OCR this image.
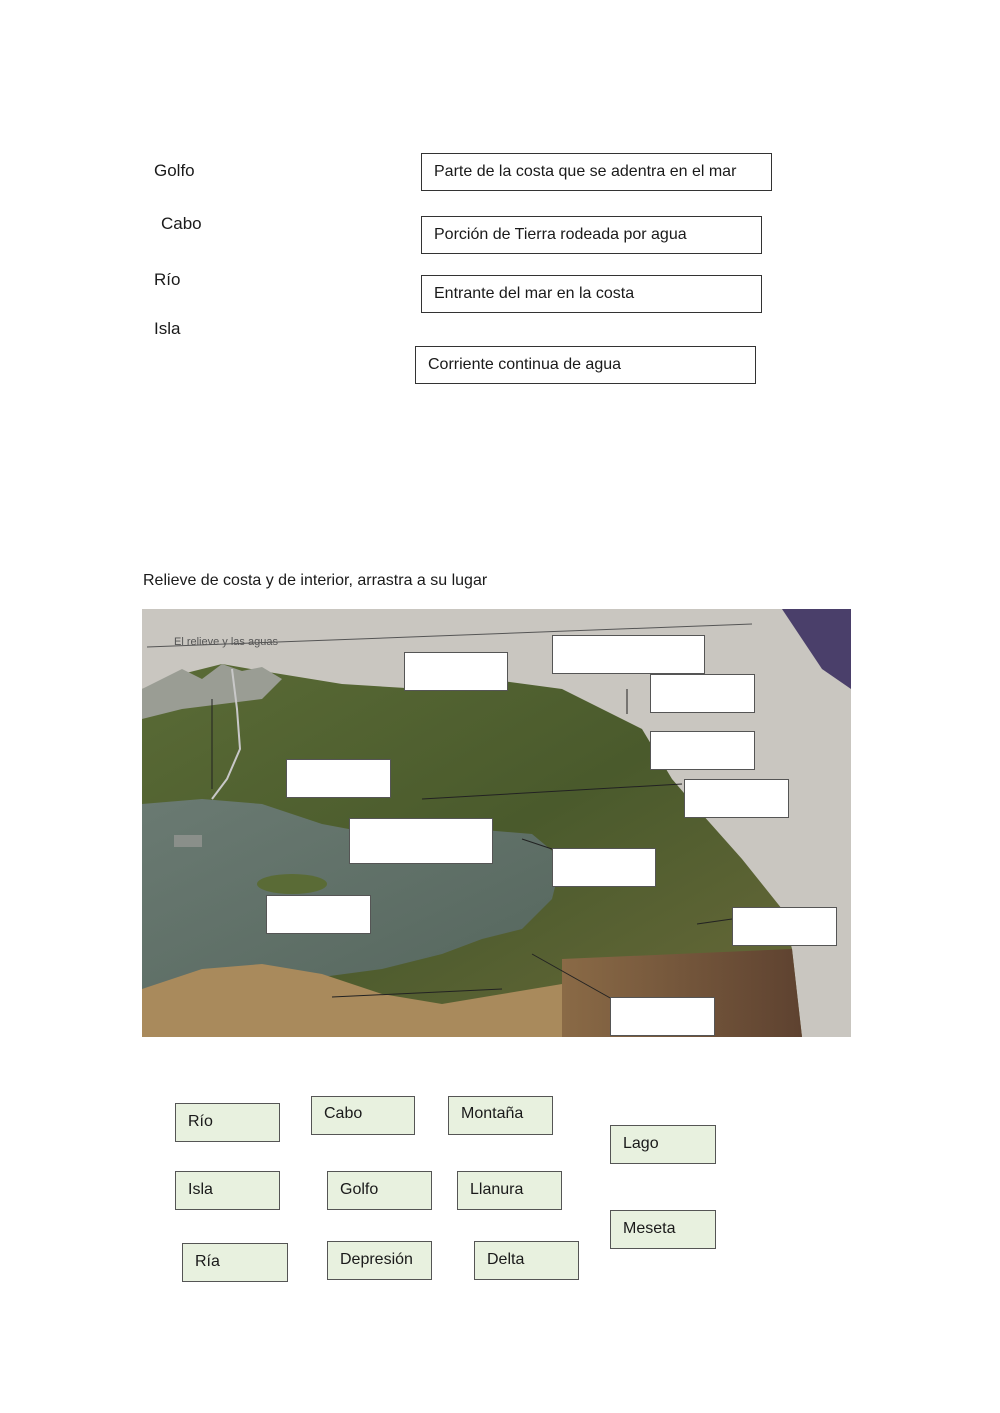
Golfo
Cabo
Río
Isla
Parte de la costa que se adentra en el mar
Porción de Tierra rodeada por agua
Entrante del mar en la costa
Corriente continua de agua
Relieve de costa y de interior, arrastra a su lugar
El relieve y las aguas
Río	Cabo	Montaña
Lago
Isla	Golfo	Llanura
Meseta
Ría	Depresión	Delta
